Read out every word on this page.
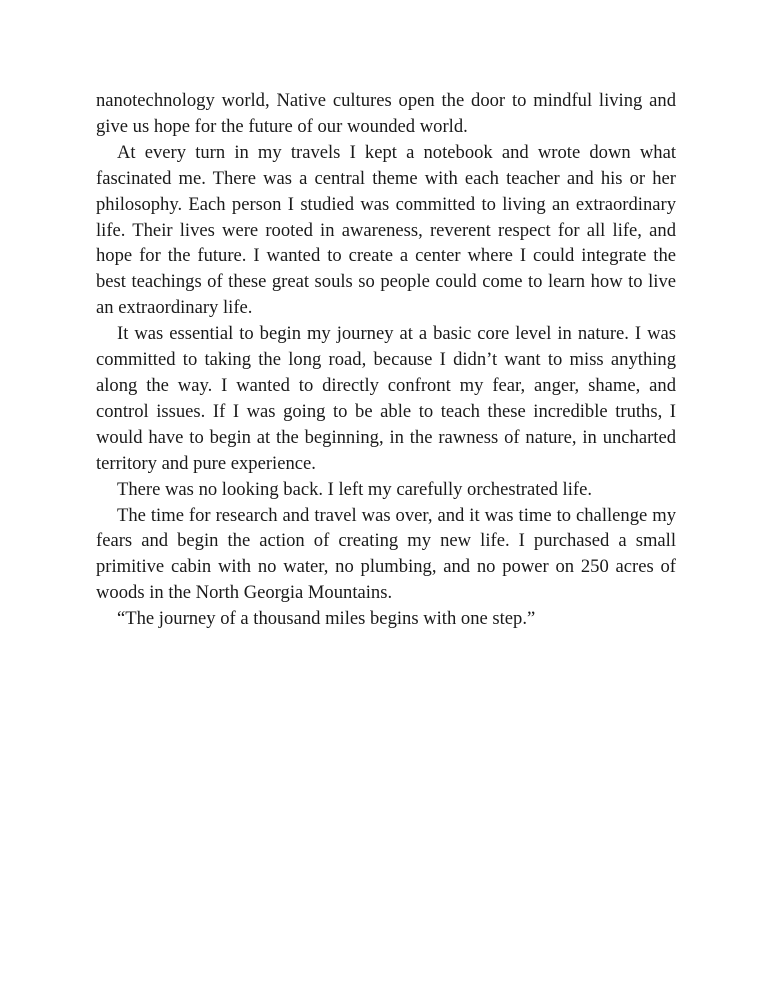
nanotechnology world, Native cultures open the door to mindful living and give us hope for the future of our wounded world.

At every turn in my travels I kept a notebook and wrote down what fascinated me. There was a central theme with each teacher and his or her philosophy. Each person I studied was committed to living an extraordinary life. Their lives were rooted in awareness, reverent respect for all life, and hope for the future. I wanted to create a center where I could integrate the best teachings of these great souls so people could come to learn how to live an extraordinary life.

It was essential to begin my journey at a basic core level in nature. I was committed to taking the long road, because I didn’t want to miss anything along the way. I wanted to directly confront my fear, anger, shame, and control issues. If I was going to be able to teach these incredible truths, I would have to begin at the beginning, in the rawness of nature, in uncharted territory and pure experience.

There was no looking back. I left my carefully orchestrated life.

The time for research and travel was over, and it was time to challenge my fears and begin the action of creating my new life. I purchased a small primitive cabin with no water, no plumbing, and no power on 250 acres of woods in the North Georgia Mountains.

“The journey of a thousand miles begins with one step.”
